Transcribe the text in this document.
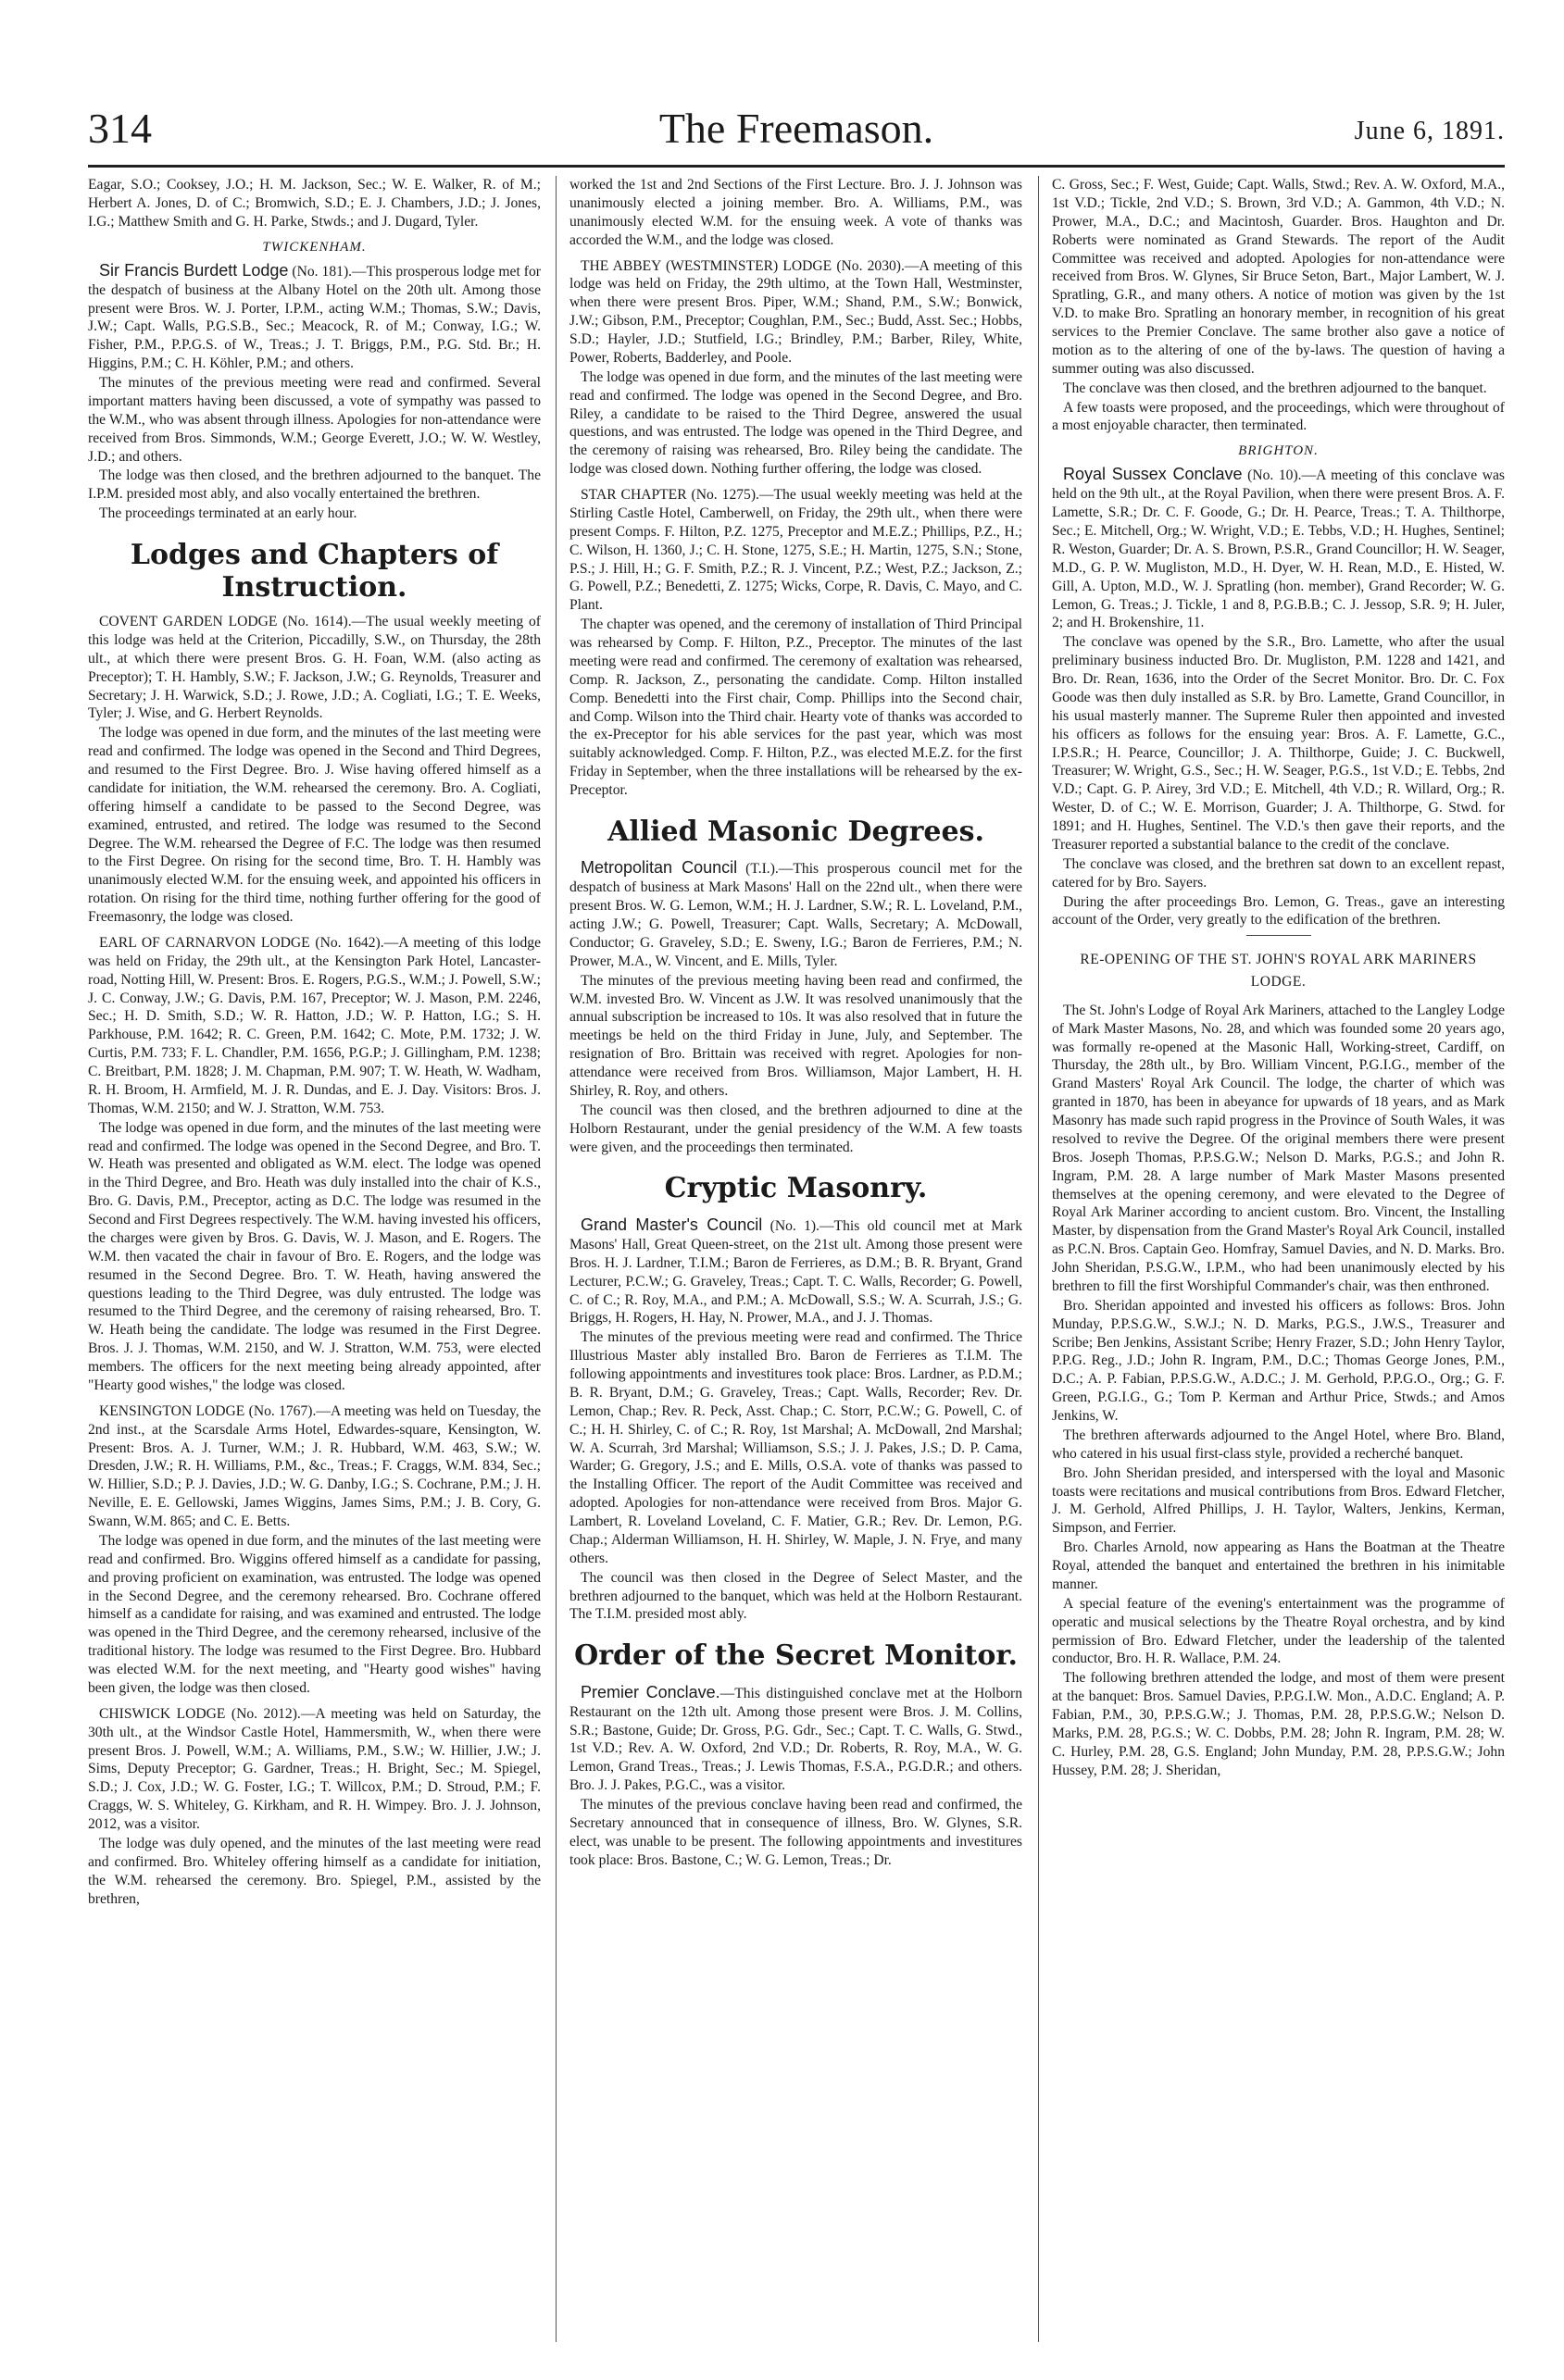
314	The Freemason.	June 6, 1891.

Eagar, S.O.; Cooksey, J.O.; H. M. Jackson, Sec.; W. E. Walker, R. of M.; Herbert A. Jones, D. of C.; Bromwich, S.D.; E. J. Chambers, J.D.; J. Jones, I.G.; Matthew Smith and G. H. Parke, Stwds.; and J. Dugard, Tyler.

TWICKENHAM.

Sir Francis Burdett Lodge (No. 181).—This prosperous lodge met for the despatch of business at the Albany Hotel on the 20th ult. Among those present were Bros. W. J. Porter, I.P.M., acting W.M.; Thomas, S.W.; Davis, J.W.; Capt. Walls, P.G.S.B., Sec.; Meacock, R. of M.; Conway, I.G.; W. Fisher, P.M., P.P.G.S. of W., Treas.; J. T. Briggs, P.M., P.G. Std. Br.; H. Higgins, P.M.; C. H. Köhler, P.M.; and others.

The minutes of the previous meeting were read and confirmed. Several important matters having been discussed, a vote of sympathy was passed to the W.M., who was absent through illness. Apologies for non-attendance were received from Bros. Simmonds, W.M.; George Everett, J.O.; W. W. Westley, J.D.; and others.

The lodge was then closed, and the brethren adjourned to the banquet. The I.P.M. presided most ably, and also vocally entertained the brethren.

The proceedings terminated at an early hour.

Lodges and Chapters of Instruction.

COVENT GARDEN LODGE (No. 1614).—The usual weekly meeting of this lodge was held at the Criterion, Piccadilly, S.W., on Thursday, the 28th ult., at which there were present Bros. G. H. Foan, W.M. (also acting as Preceptor); T. H. Hambly, S.W.; F. Jackson, J.W.; G. Reynolds, Treasurer and Secretary; J. H. Warwick, S.D.; J. Rowe, J.D.; A. Cogliati, I.G.; T. E. Weeks, Tyler; J. Wise, and G. Herbert Reynolds.

The lodge was opened in due form, and the minutes of the last meeting were read and confirmed. The lodge was opened in the Second and Third Degrees, and resumed to the First Degree. Bro. J. Wise having offered himself as a candidate for initiation, the W.M. rehearsed the ceremony. Bro. A. Cogliati, offering himself a candidate to be passed to the Second Degree, was examined, entrusted, and retired. The lodge was resumed to the Second Degree. The W.M. rehearsed the Degree of F.C. The lodge was then resumed to the First Degree. On rising for the second time, Bro. T. H. Hambly was unanimously elected W.M. for the ensuing week, and appointed his officers in rotation. On rising for the third time, nothing further offering for the good of Freemasonry, the lodge was closed.

EARL OF CARNARVON LODGE (No. 1642).—A meeting of this lodge was held on Friday, the 29th ult., at the Kensington Park Hotel, Lancaster-road, Notting Hill, W. Present: Bros. E. Rogers, P.G.S., W.M.; J. Powell, S.W.; J. C. Conway, J.W.; G. Davis, P.M. 167, Preceptor; W. J. Mason, P.M. 2246, Sec.; H. D. Smith, S.D.; W. R. Hatton, J.D.; W. P. Hatton, I.G.; S. H. Parkhouse, P.M. 1642; R. C. Green, P.M. 1642; C. Mote, P.M. 1732; J. W. Curtis, P.M. 733; F. L. Chandler, P.M. 1656, P.G.P.; J. Gillingham, P.M. 1238; C. Breitbart, P.M. 1828; J. M. Chapman, P.M. 907; T. W. Heath, W. Wadham, R. H. Broom, H. Armfield, M. J. R. Dundas, and E. J. Day. Visitors: Bros. J. Thomas, W.M. 2150; and W. J. Stratton, W.M. 753.

The lodge was opened in due form, and the minutes of the last meeting were read and confirmed. The lodge was opened in the Second Degree, and Bro. T. W. Heath was presented and obligated as W.M. elect. The lodge was opened in the Third Degree, and Bro. Heath was duly installed into the chair of K.S., Bro. G. Davis, P.M., Preceptor, acting as D.C. The lodge was resumed in the Second and First Degrees respectively. The W.M. having invested his officers, the charges were given by Bros. G. Davis, W. J. Mason, and E. Rogers. The W.M. then vacated the chair in favour of Bro. E. Rogers, and the lodge was resumed in the Second Degree. Bro. T. W. Heath, having answered the questions leading to the Third Degree, was duly entrusted. The lodge was resumed to the Third Degree, and the ceremony of raising rehearsed, Bro. T. W. Heath being the candidate. The lodge was resumed in the First Degree. Bros. J. J. Thomas, W.M. 2150, and W. J. Stratton, W.M. 753, were elected members. The officers for the next meeting being already appointed, after "Hearty good wishes," the lodge was closed.

KENSINGTON LODGE (No. 1767).—A meeting was held on Tuesday, the 2nd inst., at the Scarsdale Arms Hotel, Edwardes-square, Kensington, W. Present: Bros. A. J. Turner, W.M.; J. R. Hubbard, W.M. 463, S.W.; W. Dresden, J.W.; R. H. Williams, P.M., &c., Treas.; F. Craggs, W.M. 834, Sec.; W. Hillier, S.D.; P. J. Davies, J.D.; W. G. Danby, I.G.; S. Cochrane, P.M.; J. H. Neville, E. E. Gellowski, James Wiggins, James Sims, P.M.; J. B. Cory, G. Swann, W.M. 865; and C. E. Betts.

The lodge was opened in due form, and the minutes of the last meeting were read and confirmed. Bro. Wiggins offered himself as a candidate for passing, and proving proficient on examination, was entrusted. The lodge was opened in the Second Degree, and the ceremony rehearsed. Bro. Cochrane offered himself as a candidate for raising, and was examined and entrusted. The lodge was opened in the Third Degree, and the ceremony rehearsed, inclusive of the traditional history. The lodge was resumed to the First Degree. Bro. Hubbard was elected W.M. for the next meeting, and "Hearty good wishes" having been given, the lodge was then closed.

CHISWICK LODGE (No. 2012).—A meeting was held on Saturday, the 30th ult., at the Windsor Castle Hotel, Hammersmith, W., when there were present Bros. J. Powell, W.M.; A. Williams, P.M., S.W.; W. Hillier, J.W.; J. Sims, Deputy Preceptor; G. Gardner, Treas.; H. Bright, Sec.; M. Spiegel, S.D.; J. Cox, J.D.; W. G. Foster, I.G.; T. Willcox, P.M.; D. Stroud, P.M.; F. Craggs, W. S. Whiteley, G. Kirkham, and R. H. Wimpey. Bro. J. J. Johnson, 2012, was a visitor.

The lodge was duly opened, and the minutes of the last meeting were read and confirmed. Bro. Whiteley offering himself as a candidate for initiation, the W.M. rehearsed the ceremony. Bro. Spiegel, P.M., assisted by the brethren,

worked the 1st and 2nd Sections of the First Lecture. Bro. J. J. Johnson was unanimously elected a joining member. Bro. A. Williams, P.M., was unanimously elected W.M. for the ensuing week. A vote of thanks was accorded the W.M., and the lodge was closed.

THE ABBEY (WESTMINSTER) LODGE (No. 2030).—A meeting of this lodge was held on Friday, the 29th ultimo, at the Town Hall, Westminster, when there were present Bros. Piper, W.M.; Shand, P.M., S.W.; Bonwick, J.W.; Gibson, P.M., Preceptor; Coughlan, P.M., Sec.; Budd, Asst. Sec.; Hobbs, S.D.; Hayler, J.D.; Stutfield, I.G.; Brindley, P.M.; Barber, Riley, White, Power, Roberts, Badderley, and Poole.

The lodge was opened in due form, and the minutes of the last meeting were read and confirmed. The lodge was opened in the Second Degree, and Bro. Riley, a candidate to be raised to the Third Degree, answered the usual questions, and was entrusted. The lodge was opened in the Third Degree, and the ceremony of raising was rehearsed, Bro. Riley being the candidate. The lodge was closed down. Nothing further offering, the lodge was closed.

STAR CHAPTER (No. 1275).—The usual weekly meeting was held at the Stirling Castle Hotel, Camberwell, on Friday, the 29th ult., when there were present Comps. F. Hilton, P.Z. 1275, Preceptor and M.E.Z.; Phillips, P.Z., H.; C. Wilson, H. 1360, J.; C. H. Stone, 1275, S.E.; H. Martin, 1275, S.N.; Stone, P.S.; J. Hill, H.; G. F. Smith, P.Z.; R. J. Vincent, P.Z.; West, P.Z.; Jackson, Z.; G. Powell, P.Z.; Benedetti, Z. 1275; Wicks, Corpe, R. Davis, C. Mayo, and C. Plant.

The chapter was opened, and the ceremony of installation of Third Principal was rehearsed by Comp. F. Hilton, P.Z., Preceptor. The minutes of the last meeting were read and confirmed. The ceremony of exaltation was rehearsed, Comp. R. Jackson, Z., personating the candidate. Comp. Hilton installed Comp. Benedetti into the First chair, Comp. Phillips into the Second chair, and Comp. Wilson into the Third chair. Hearty vote of thanks was accorded to the ex-Preceptor for his able services for the past year, which was most suitably acknowledged. Comp. F. Hilton, P.Z., was elected M.E.Z. for the first Friday in September, when the three installations will be rehearsed by the ex-Preceptor.

Allied Masonic Degrees.

Metropolitan Council (T.I.).—This prosperous council met for the despatch of business at Mark Masons' Hall on the 22nd ult., when there were present Bros. W. G. Lemon, W.M.; H. J. Lardner, S.W.; R. L. Loveland, P.M., acting J.W.; G. Powell, Treasurer; Capt. Walls, Secretary; A. McDowall, Conductor; G. Graveley, S.D.; E. Sweny, I.G.; Baron de Ferrieres, P.M.; N. Prower, M.A., W. Vincent, and E. Mills, Tyler.

The minutes of the previous meeting having been read and confirmed, the W.M. invested Bro. W. Vincent as J.W. It was resolved unanimously that the annual subscription be increased to 10s. It was also resolved that in future the meetings be held on the third Friday in June, July, and September. The resignation of Bro. Brittain was received with regret. Apologies for non-attendance were received from Bros. Williamson, Major Lambert, H. H. Shirley, R. Roy, and others.

The council was then closed, and the brethren adjourned to dine at the Holborn Restaurant, under the genial presidency of the W.M. A few toasts were given, and the proceedings then terminated.

Cryptic Masonry.

Grand Master's Council (No. 1).—This old council met at Mark Masons' Hall, Great Queen-street, on the 21st ult. Among those present were Bros. H. J. Lardner, T.I.M.; Baron de Ferrieres, as D.M.; B. R. Bryant, Grand Lecturer, P.C.W.; G. Graveley, Treas.; Capt. T. C. Walls, Recorder; G. Powell, C. of C.; R. Roy, M.A., and P.M.; A. McDowall, S.S.; W. A. Scurrah, J.S.; G. Briggs, H. Rogers, H. Hay, N. Prower, M.A., and J. J. Thomas.

The minutes of the previous meeting were read and confirmed. The Thrice Illustrious Master ably installed Bro. Baron de Ferrieres as T.I.M. The following appointments and investitures took place: Bros. Lardner, as P.D.M.; B. R. Bryant, D.M.; G. Graveley, Treas.; Capt. Walls, Recorder; Rev. Dr. Lemon, Chap.; Rev. R. Peck, Asst. Chap.; C. Storr, P.C.W.; G. Powell, C. of C.; H. H. Shirley, C. of C.; R. Roy, 1st Marshal; A. McDowall, 2nd Marshal; W. A. Scurrah, 3rd Marshal; Williamson, S.S.; J. J. Pakes, J.S.; D. P. Cama, Warder; G. Gregory, J.S.; and E. Mills, O.S.A. vote of thanks was passed to the Installing Officer. The report of the Audit Committee was received and adopted. Apologies for non-attendance were received from Bros. Major G. Lambert, R. Loveland Loveland, C. F. Matier, G.R.; Rev. Dr. Lemon, P.G. Chap.; Alderman Williamson, H. H. Shirley, W. Maple, J. N. Frye, and many others.

The council was then closed in the Degree of Select Master, and the brethren adjourned to the banquet, which was held at the Holborn Restaurant. The T.I.M. presided most ably.

Order of the Secret Monitor.

Premier Conclave.—This distinguished conclave met at the Holborn Restaurant on the 12th ult. Among those present were Bros. J. M. Collins, S.R.; Bastone, Guide; Dr. Gross, P.G. Gdr., Sec.; Capt. T. C. Walls, G. Stwd., 1st V.D.; Rev. A. W. Oxford, 2nd V.D.; Dr. Roberts, R. Roy, M.A., W. G. Lemon, Grand Treas., Treas.; J. Lewis Thomas, F.S.A., P.G.D.R.; and others. Bro. J. J. Pakes, P.G.C., was a visitor.

The minutes of the previous conclave having been read and confirmed, the Secretary announced that in consequence of illness, Bro. W. Glynes, S.R. elect, was unable to be present. The following appointments and investitures took place: Bros. Bastone, C.; W. G. Lemon, Treas.; Dr.

C. Gross, Sec.; F. West, Guide; Capt. Walls, Stwd.; Rev. A. W. Oxford, M.A., 1st V.D.; Tickle, 2nd V.D.; S. Brown, 3rd V.D.; A. Gammon, 4th V.D.; N. Prower, M.A., D.C.; and Macintosh, Guarder. Bros. Haughton and Dr. Roberts were nominated as Grand Stewards. The report of the Audit Committee was received and adopted. Apologies for non-attendance were received from Bros. W. Glynes, Sir Bruce Seton, Bart., Major Lambert, W. J. Spratling, G.R., and many others. A notice of motion was given by the 1st V.D. to make Bro. Spratling an honorary member, in recognition of his great services to the Premier Conclave. The same brother also gave a notice of motion as to the altering of one of the by-laws. The question of having a summer outing was also discussed.

The conclave was then closed, and the brethren adjourned to the banquet.

A few toasts were proposed, and the proceedings, which were throughout of a most enjoyable character, then terminated.

BRIGHTON.

Royal Sussex Conclave (No. 10).—A meeting of this conclave was held on the 9th ult., at the Royal Pavilion, when there were present Bros. A. F. Lamette, S.R.; Dr. C. F. Goode, G.; Dr. H. Pearce, Treas.; T. A. Thilthorpe, Sec.; E. Mitchell, Org.; W. Wright, V.D.; E. Tebbs, V.D.; H. Hughes, Sentinel; R. Weston, Guarder; Dr. A. S. Brown, P.S.R., Grand Councillor; H. W. Seager, M.D., G. P. W. Mugliston, M.D., H. Dyer, W. H. Rean, M.D., E. Histed, W. Gill, A. Upton, M.D., W. J. Spratling (hon. member), Grand Recorder; W. G. Lemon, G. Treas.; J. Tickle, 1 and 8, P.G.B.B.; C. J. Jessop, S.R. 9; H. Juler, 2; and H. Brokenshire, 11.

The conclave was opened by the S.R., Bro. Lamette, who after the usual preliminary business inducted Bro. Dr. Mugliston, P.M. 1228 and 1421, and Bro. Dr. Rean, 1636, into the Order of the Secret Monitor. Bro. Dr. C. Fox Goode was then duly installed as S.R. by Bro. Lamette, Grand Councillor, in his usual masterly manner. The Supreme Ruler then appointed and invested his officers as follows for the ensuing year: Bros. A. F. Lamette, G.C., I.P.S.R.; H. Pearce, Councillor; J. A. Thilthorpe, Guide; J. C. Buckwell, Treasurer; W. Wright, G.S., Sec.; H. W. Seager, P.G.S., 1st V.D.; E. Tebbs, 2nd V.D.; Capt. G. P. Airey, 3rd V.D.; E. Mitchell, 4th V.D.; R. Willard, Org.; R. Wester, D. of C.; W. E. Morrison, Guarder; J. A. Thilthorpe, G. Stwd. for 1891; and H. Hughes, Sentinel. The V.D.'s then gave their reports, and the Treasurer reported a substantial balance to the credit of the conclave.

The conclave was closed, and the brethren sat down to an excellent repast, catered for by Bro. Sayers.

During the after proceedings Bro. Lemon, G. Treas., gave an interesting account of the Order, very greatly to the edification of the brethren.

RE-OPENING OF THE ST. JOHN'S ROYAL ARK MARINERS LODGE.

The St. John's Lodge of Royal Ark Mariners, attached to the Langley Lodge of Mark Master Masons, No. 28, and which was founded some 20 years ago, was formally re-opened at the Masonic Hall, Working-street, Cardiff, on Thursday, the 28th ult., by Bro. William Vincent, P.G.I.G., member of the Grand Masters' Royal Ark Council. The lodge, the charter of which was granted in 1870, has been in abeyance for upwards of 18 years, and as Mark Masonry has made such rapid progress in the Province of South Wales, it was resolved to revive the Degree. Of the original members there were present Bros. Joseph Thomas, P.P.S.G.W.; Nelson D. Marks, P.G.S.; and John R. Ingram, P.M. 28. A large number of Mark Master Masons presented themselves at the opening ceremony, and were elevated to the Degree of Royal Ark Mariner according to ancient custom. Bro. Vincent, the Installing Master, by dispensation from the Grand Master's Royal Ark Council, installed as P.C.N. Bros. Captain Geo. Homfray, Samuel Davies, and N. D. Marks. Bro. John Sheridan, P.S.G.W., I.P.M., who had been unanimously elected by his brethren to fill the first Worshipful Commander's chair, was then enthroned.

Bro. Sheridan appointed and invested his officers as follows: Bros. John Munday, P.P.S.G.W., S.W.J.; N. D. Marks, P.G.S., J.W.S., Treasurer and Scribe; Ben Jenkins, Assistant Scribe; Henry Frazer, S.D.; John Henry Taylor, P.P.G. Reg., J.D.; John R. Ingram, P.M., D.C.; Thomas George Jones, P.M., D.C.; A. P. Fabian, P.P.S.G.W., A.D.C.; J. M. Gerhold, P.P.G.O., Org.; G. F. Green, P.G.I.G., G.; Tom P. Kerman and Arthur Price, Stwds.; and Amos Jenkins, W.

The brethren afterwards adjourned to the Angel Hotel, where Bro. Bland, who catered in his usual first-class style, provided a recherché banquet.

Bro. John Sheridan presided, and interspersed with the loyal and Masonic toasts were recitations and musical contributions from Bros. Edward Fletcher, J. M. Gerhold, Alfred Phillips, J. H. Taylor, Walters, Jenkins, Kerman, Simpson, and Ferrier.

Bro. Charles Arnold, now appearing as Hans the Boatman at the Theatre Royal, attended the banquet and entertained the brethren in his inimitable manner.

A special feature of the evening's entertainment was the programme of operatic and musical selections by the Theatre Royal orchestra, and by kind permission of Bro. Edward Fletcher, under the leadership of the talented conductor, Bro. H. R. Wallace, P.M. 24.

The following brethren attended the lodge, and most of them were present at the banquet: Bros. Samuel Davies, P.P.G.I.W. Mon., A.D.C. England; A. P. Fabian, P.M., 30, P.P.S.G.W.; J. Thomas, P.M. 28, P.P.S.G.W.; Nelson D. Marks, P.M. 28, P.G.S.; W. C. Dobbs, P.M. 28; John R. Ingram, P.M. 28; W. C. Hurley, P.M. 28, G.S. England; John Munday, P.M. 28, P.P.S.G.W.; John Hussey, P.M. 28; J. Sheridan,
